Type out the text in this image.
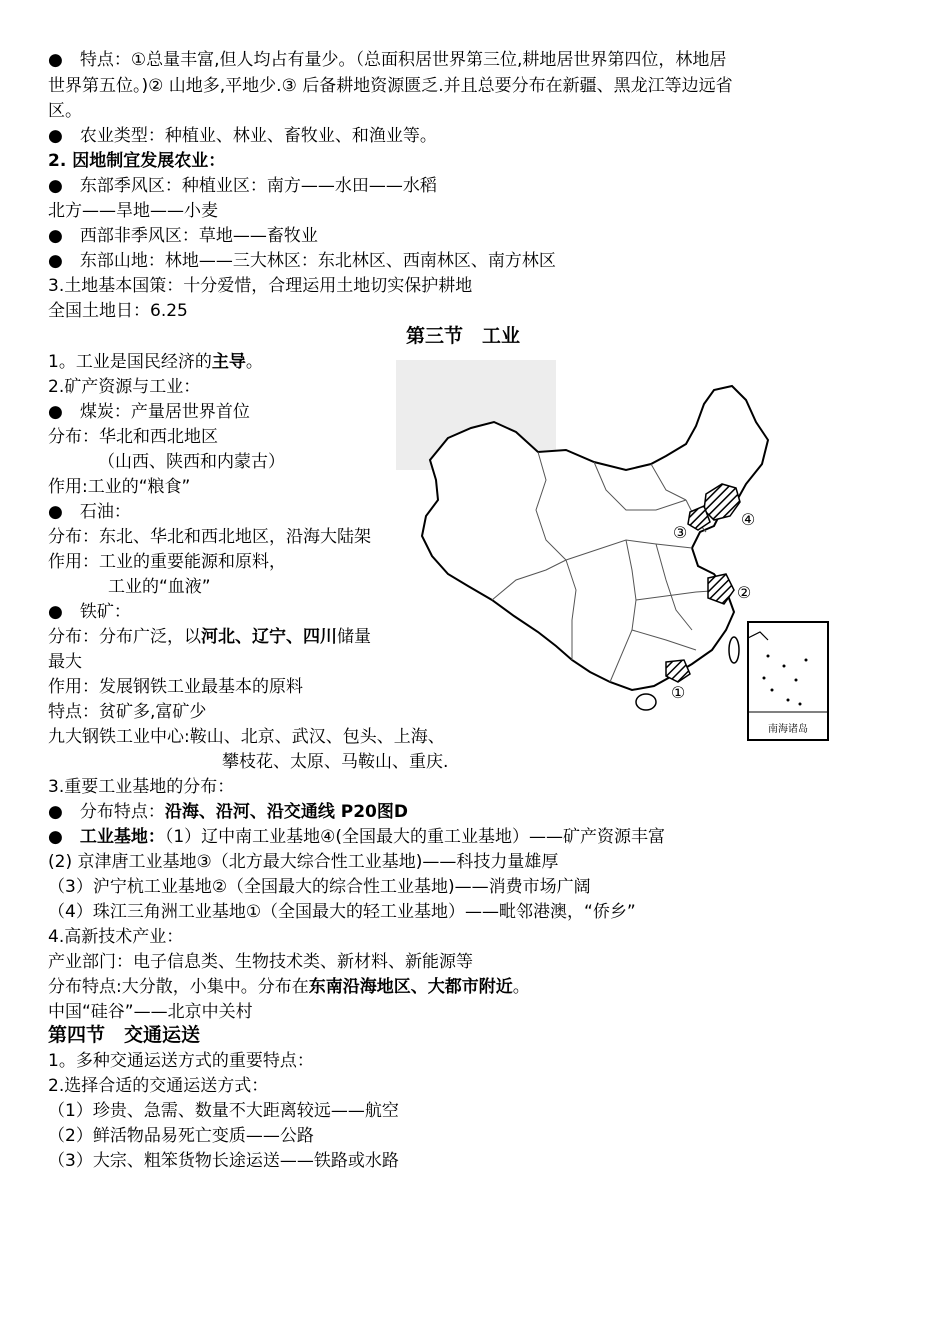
●　特点：①总量丰富,但人均占有量少。（总面积居世界第三位,耕地居世界第四位，林地居
世界第五位。)② 山地多,平地少.③ 后备耕地资源匮乏.并且总要分布在新疆、黑龙江等边远省
区。
●　农业类型：种植业、林业、畜牧业、和渔业等。
2. 因地制宜发展农业：
●　东部季风区：种植业区：南方——水田——水稻
北方——旱地——小麦
●　西部非季风区：草地——畜牧业
●　东部山地：林地——三大林区：东北林区、西南林区、南方林区
3.土地基本国策：十分爱惜，合理运用土地切实保护耕地
全国土地日：6.25
第三节　工业
1。工业是国民经济的主导。
2.矿产资源与工业：
●　煤炭：产量居世界首位
分布：华北和西北地区
（山西、陕西和内蒙古）
作用:工业的“粮食”
●　石油：
分布：东北、华北和西北地区，沿海大陆架
作用：工业的重要能源和原料，
工业的“血液”
●　铁矿：
分布：分布广泛，以河北、辽宁、四川储量
最大
作用：发展钢铁工业最基本的原料
特点：贫矿多,富矿少
九大钢铁工业中心:鞍山、北京、武汉、包头、上海、
攀枝花、太原、马鞍山、重庆.
3.重要工业基地的分布：
●　分布特点：沿海、沿河、沿交通线 P20图D
●　工业基地：（1）辽中南工业基地④(全国最大的重工业基地）——矿产资源丰富
(2) 京津唐工业基地③（北方最大综合性工业基地)——科技力量雄厚
（3）沪宁杭工业基地②（全国最大的综合性工业基地)——消费市场广阔
（4）珠江三角洲工业基地①（全国最大的轻工业基地）——毗邻港澳，“侨乡”
4.高新技术产业：
产业部门：电子信息类、生物技术类、新材料、新能源等
分布特点:大分散，小集中。分布在东南沿海地区、大都市附近。
中国“硅谷”——北京中关村
第四节　交通运送
1。多种交通运送方式的重要特点：
2.选择合适的交通运送方式：
（1）珍贵、急需、数量不大距离较远——航空
（2）鲜活物品易死亡变质——公路
（3）大宗、粗笨货物长途运送——铁路或水路
④
③
②
①
南海诸岛
